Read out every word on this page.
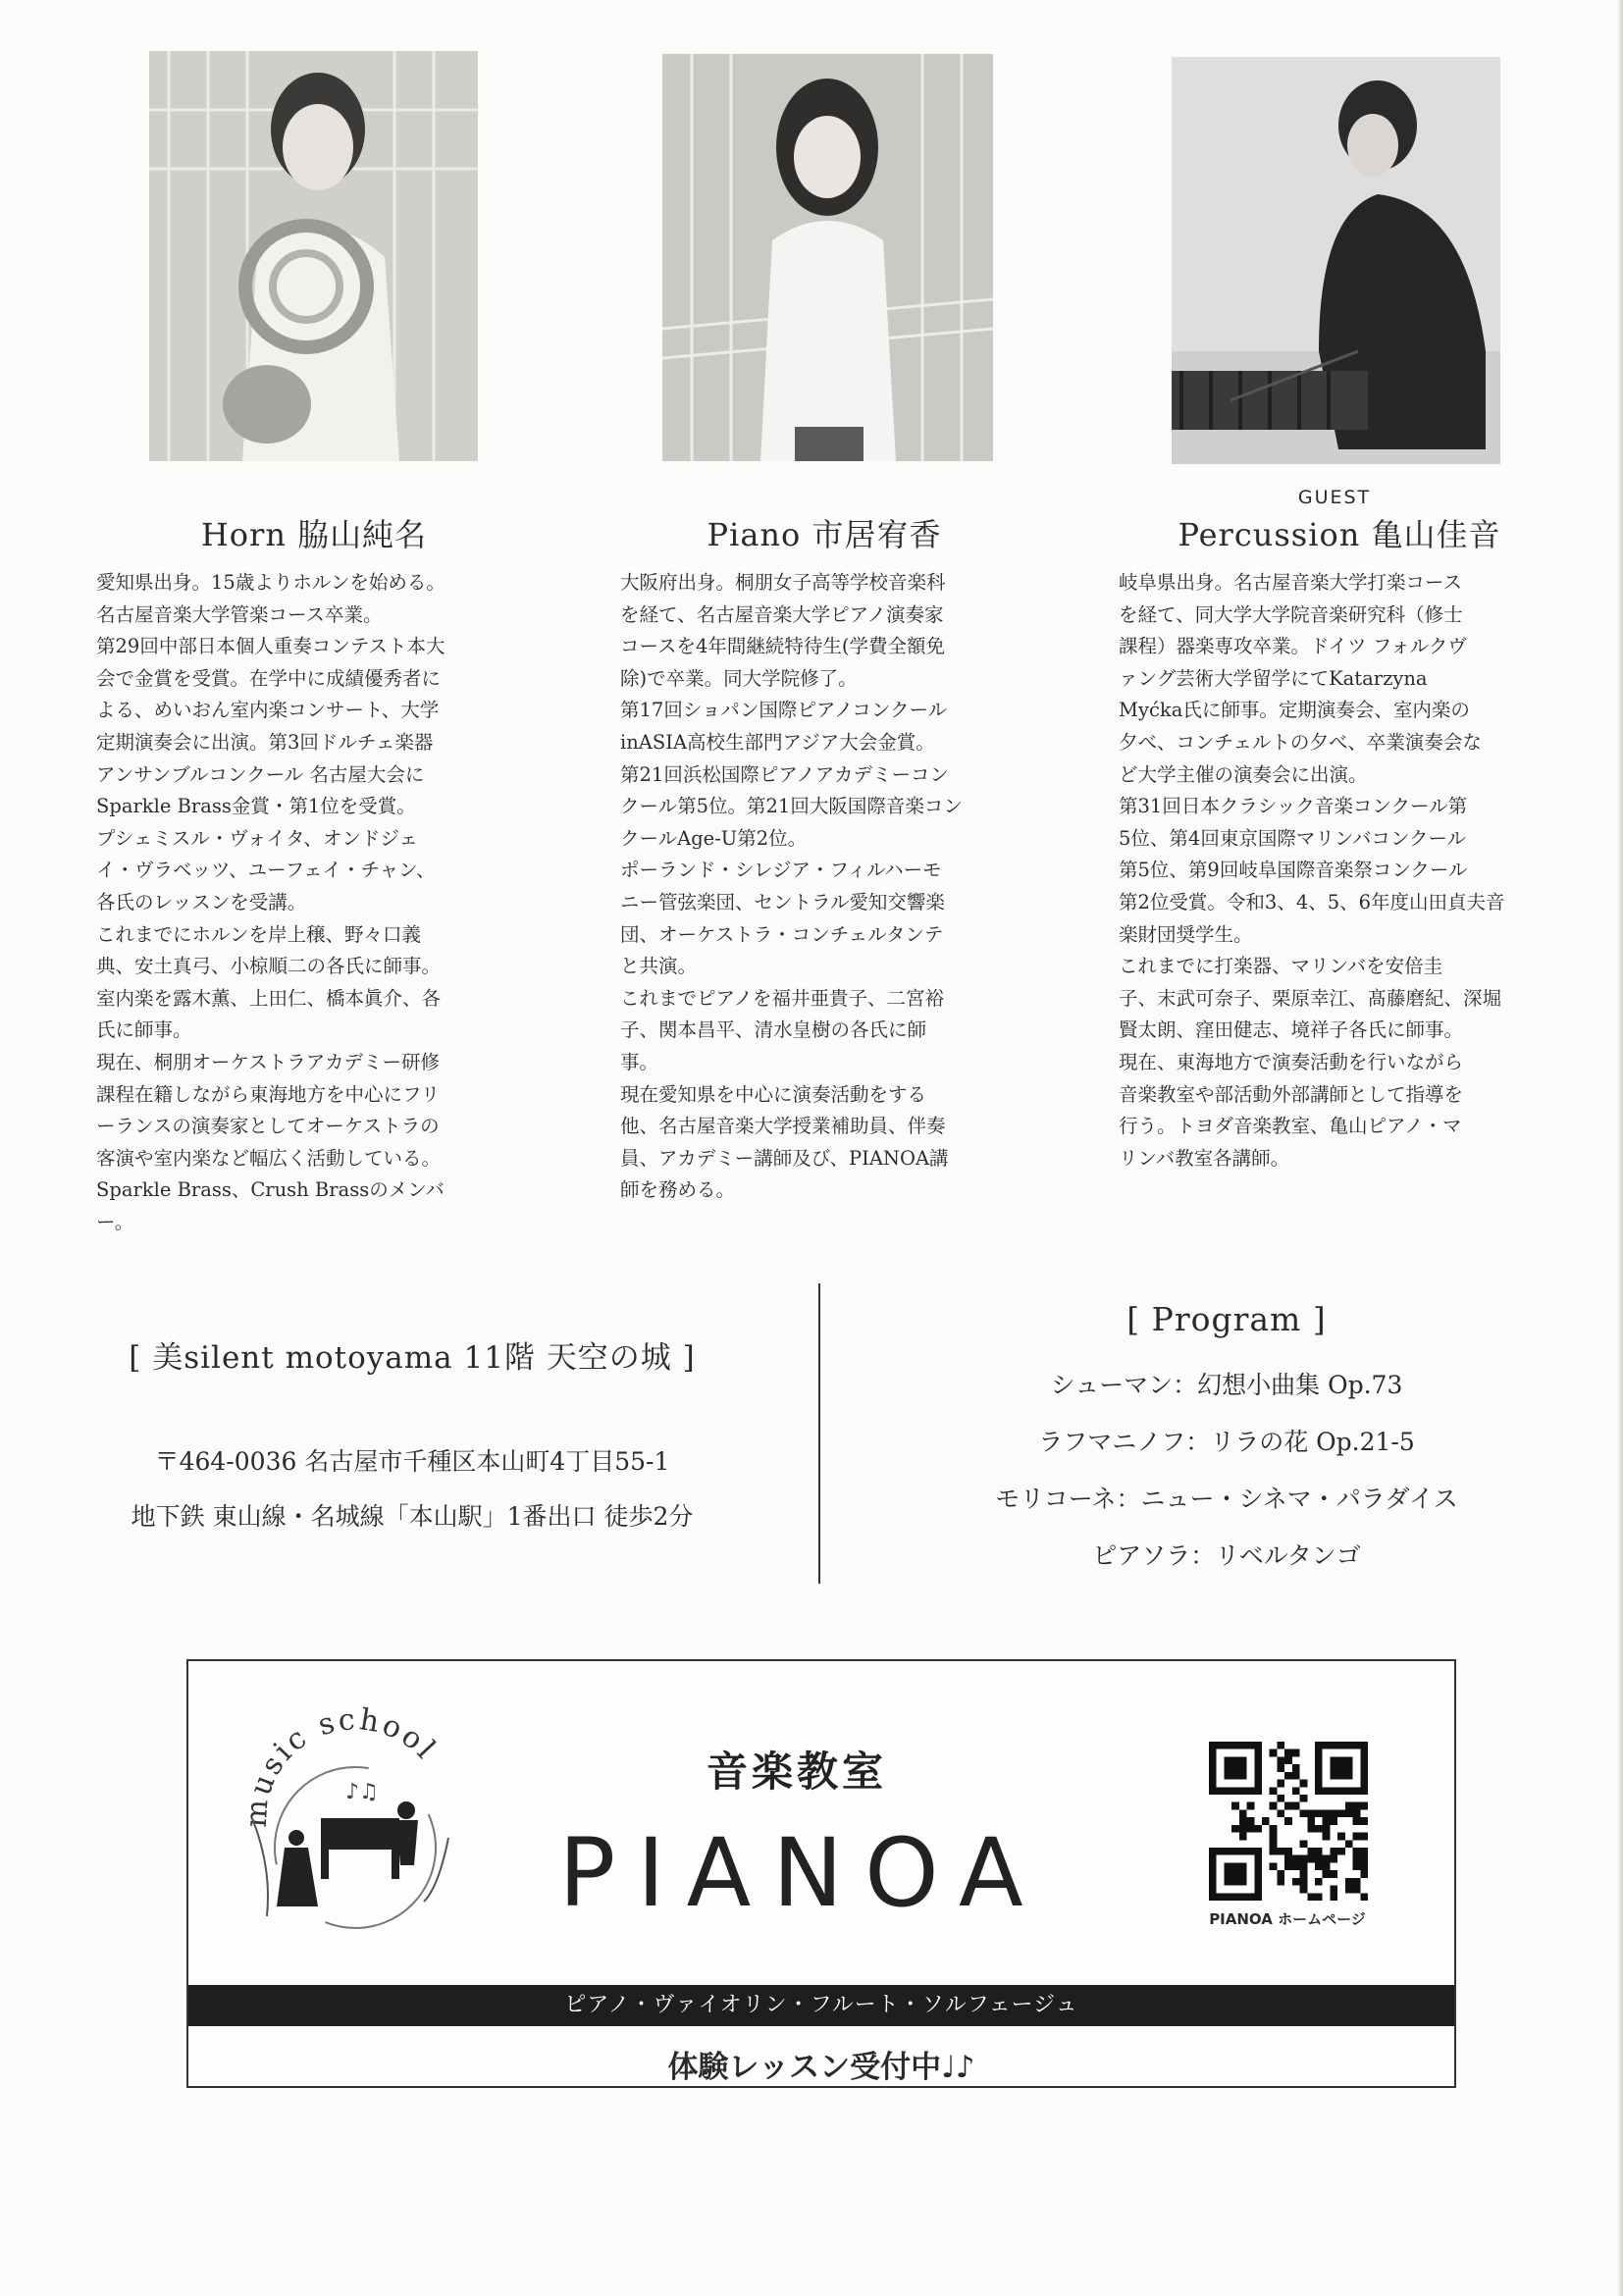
Horn 脇山純名	Piano 市居宥香
GUEST
Percussion 亀山佳音
愛知県出身。15歳よりホルンを始める。
名古屋音楽大学管楽コース卒業。
第29回中部日本個人重奏コンテスト本大
会で金賞を受賞。在学中に成績優秀者に
よる、めいおん室内楽コンサート、大学
定期演奏会に出演。第3回ドルチェ楽器
アンサンブルコンクール 名古屋大会に
Sparkle Brass金賞・第1位を受賞。
プシェミスル・ヴォイタ、オンドジェ
イ・ヴラベッツ、ユーフェイ・チャン、
各氏のレッスンを受講。
これまでにホルンを岸上穣、野々口義
典、安土真弓、小椋順二の各氏に師事。
室内楽を露木薫、上田仁、橋本眞介、各
氏に師事。
現在、桐朋オーケストラアカデミー研修
課程在籍しながら東海地方を中心にフリ
ーランスの演奏家としてオーケストラの
客演や室内楽など幅広く活動している。
Sparkle Brass、Crush Brassのメンバ
ー。
大阪府出身。桐朋女子高等学校音楽科
を経て、名古屋音楽大学ピアノ演奏家
コースを4年間継続特待生(学費全額免
除)で卒業。同大学院修了。
第17回ショパン国際ピアノコンクール
inASIA高校生部門アジア大会金賞。
第21回浜松国際ピアノアカデミーコン
クール第5位。第21回大阪国際音楽コン
クールAge-U第2位。
ポーランド・シレジア・フィルハーモ
ニー管弦楽団、セントラル愛知交響楽
団、オーケストラ・コンチェルタンテ
と共演。
これまでピアノを福井亜貴子、二宮裕
子、関本昌平、清水皇樹の各氏に師
事。
現在愛知県を中心に演奏活動をする
他、名古屋音楽大学授業補助員、伴奏
員、アカデミー講師及び、PIANOA講
師を務める。
岐阜県出身。名古屋音楽大学打楽コース
を経て、同大学大学院音楽研究科（修士
課程）器楽専攻卒業。ドイツ フォルクヴ
ァング芸術大学留学にてKatarzyna
Myćka氏に師事。定期演奏会、室内楽の
夕べ、コンチェルトの夕べ、卒業演奏会な
ど大学主催の演奏会に出演。
第31回日本クラシック音楽コンクール第
5位、第4回東京国際マリンバコンクール
第5位、第9回岐阜国際音楽祭コンクール
第2位受賞。令和3、4、5、6年度山田貞夫音
楽財団奨学生。
これまでに打楽器、マリンバを安倍圭
子、末武可奈子、栗原幸江、髙藤磨紀、深堀
賢太朗、窪田健志、境祥子各氏に師事。
現在、東海地方で演奏活動を行いながら
音楽教室や部活動外部講師として指導を
行う。トヨダ音楽教室、亀山ピアノ・マ
リンバ教室各講師。
[ 美silent motoyama 11階 天空の城 ]
〒464-0036 名古屋市千種区本山町4丁目55-1
地下鉄 東山線・名城線「本山駅」1番出口 徒歩2分
[ Program ]
シューマン：幻想小曲集 Op.73
ラフマニノフ：リラの花 Op.21-5
モリコーネ：ニュー・シネマ・パラダイス
ピアソラ：リベルタンゴ
music school
♪♫	音楽教室
PIANOA	PIANOA ホームページ
ピアノ・ヴァイオリン・フルート・ソルフェージュ
体験レッスン受付中♩♪
